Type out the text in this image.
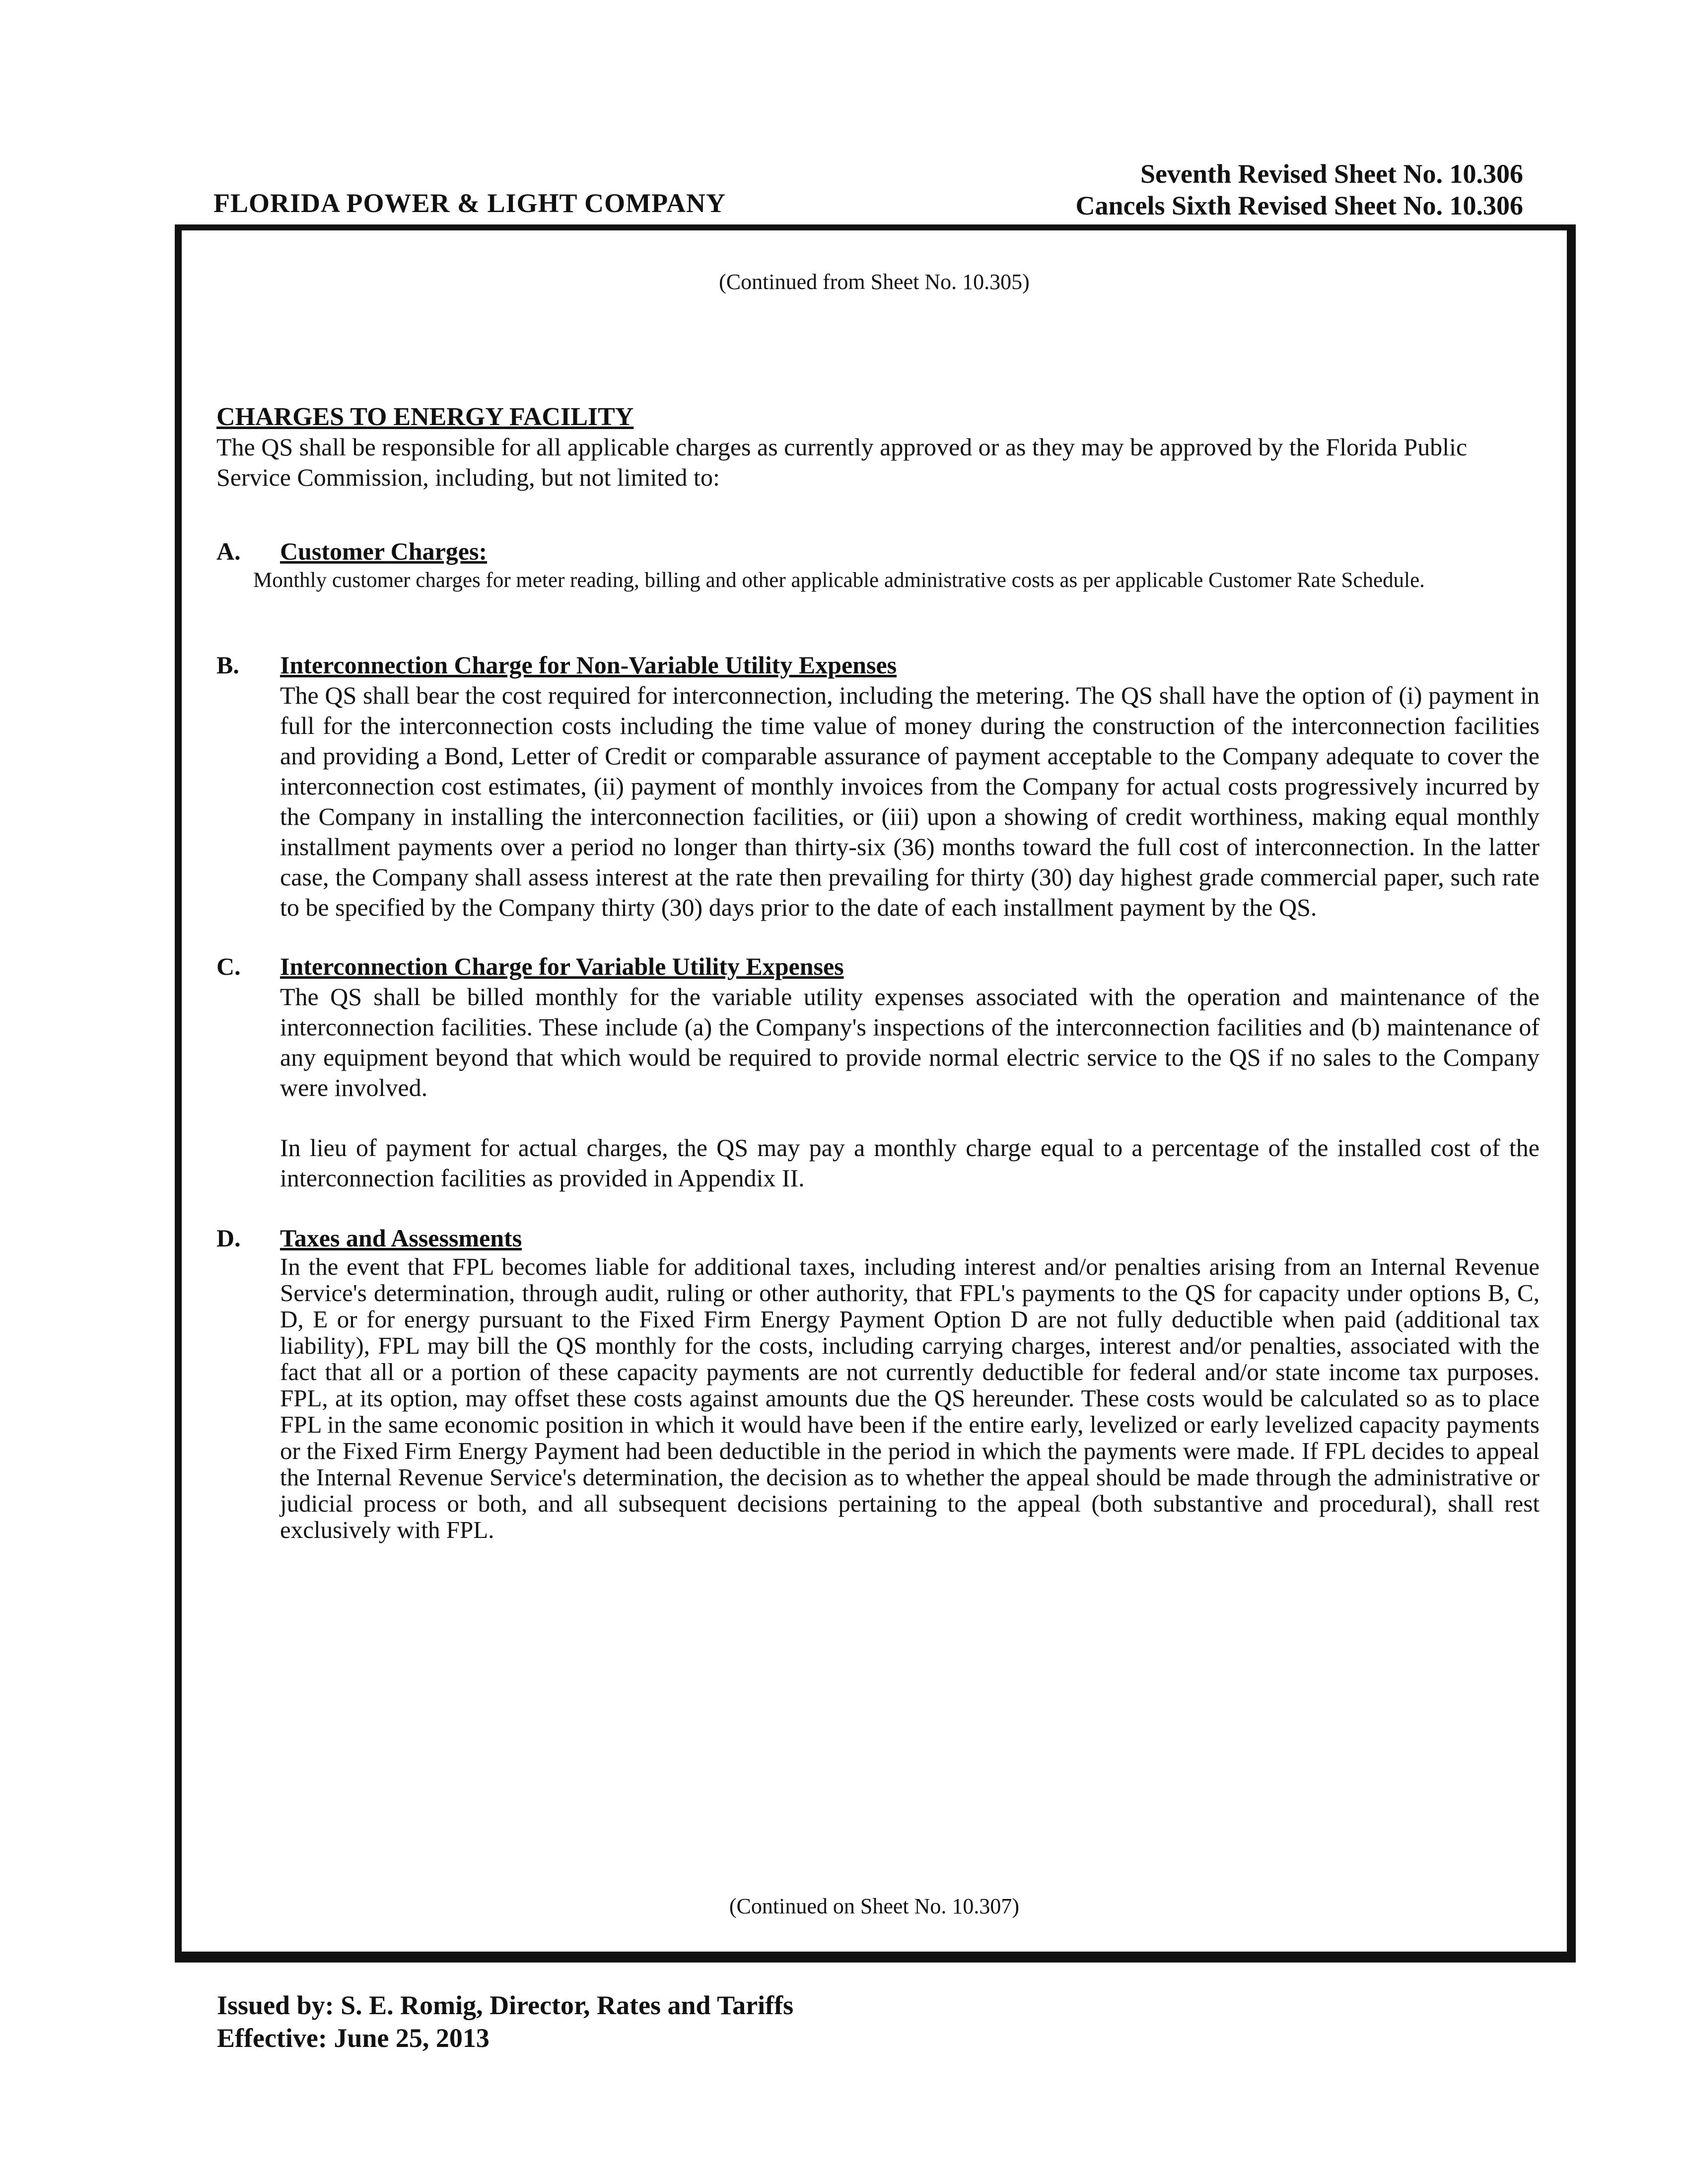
FLORIDA POWER & LIGHT COMPANY
Seventh Revised Sheet No. 10.306
Cancels Sixth Revised Sheet No. 10.306
(Continued from Sheet No. 10.305)
CHARGES TO ENERGY FACILITY

The QS shall be responsible for all applicable charges as currently approved or as they may be approved by the Florida Public Service Commission, including, but not limited to:

A. Customer Charges:

Monthly customer charges for meter reading, billing and other applicable administrative costs as per applicable Customer Rate Schedule.

B. Interconnection Charge for Non-Variable Utility Expenses

The QS shall bear the cost required for interconnection, including the metering. The QS shall have the option of (i) payment in full for the interconnection costs including the time value of money during the construction of the interconnection facilities and providing a Bond, Letter of Credit or comparable assurance of payment acceptable to the Company adequate to cover the interconnection cost estimates, (ii) payment of monthly invoices from the Company for actual costs progressively incurred by the Company in installing the interconnection facilities, or (iii) upon a showing of credit worthiness, making equal monthly installment payments over a period no longer than thirty-six (36) months toward the full cost of interconnection. In the latter case, the Company shall assess interest at the rate then prevailing for thirty (30) day highest grade commercial paper, such rate to be specified by the Company thirty (30) days prior to the date of each installment payment by the QS.

C. Interconnection Charge for Variable Utility Expenses

The QS shall be billed monthly for the variable utility expenses associated with the operation and maintenance of the interconnection facilities. These include (a) the Company's inspections of the interconnection facilities and (b) maintenance of any equipment beyond that which would be required to provide normal electric service to the QS if no sales to the Company were involved.

In lieu of payment for actual charges, the QS may pay a monthly charge equal to a percentage of the installed cost of the interconnection facilities as provided in Appendix II.

D. Taxes and Assessments

In the event that FPL becomes liable for additional taxes, including interest and/or penalties arising from an Internal Revenue Service's determination, through audit, ruling or other authority, that FPL's payments to the QS for capacity under options B, C, D, E or for energy pursuant to the Fixed Firm Energy Payment Option D are not fully deductible when paid (additional tax liability), FPL may bill the QS monthly for the costs, including carrying charges, interest and/or penalties, associated with the fact that all or a portion of these capacity payments are not currently deductible for federal and/or state income tax purposes. FPL, at its option, may offset these costs against amounts due the QS hereunder. These costs would be calculated so as to place FPL in the same economic position in which it would have been if the entire early, levelized or early levelized capacity payments or the Fixed Firm Energy Payment had been deductible in the period in which the payments were made. If FPL decides to appeal the Internal Revenue Service's determination, the decision as to whether the appeal should be made through the administrative or judicial process or both, and all subsequent decisions pertaining to the appeal (both substantive and procedural), shall rest exclusively with FPL.

(Continued on Sheet No. 10.307)
Issued by: S. E. Romig, Director, Rates and Tariffs
Effective: June 25, 2013
